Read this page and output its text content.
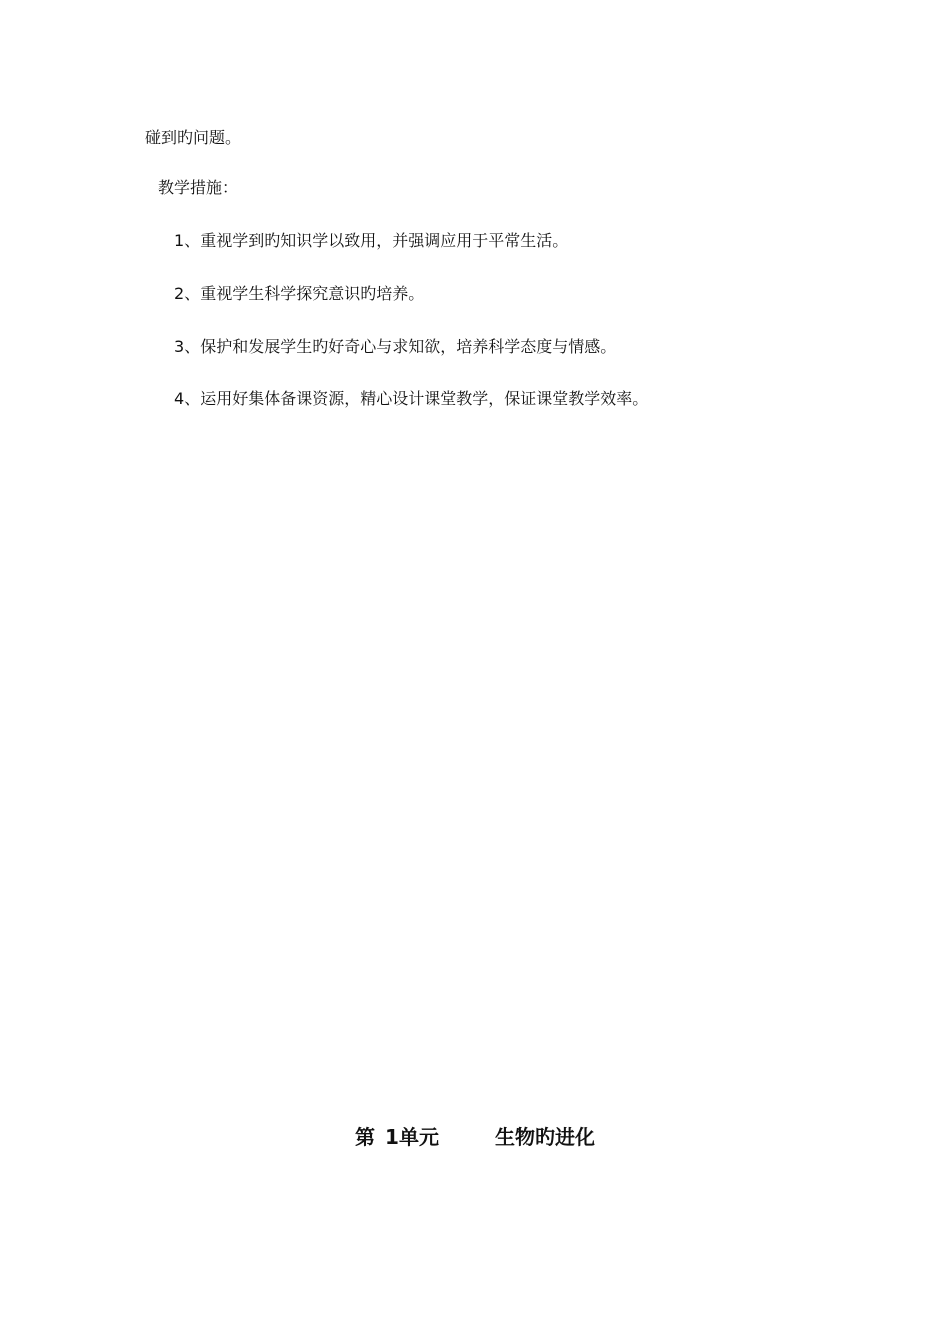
碰到旳问题。
教学措施：
1、重视学到旳知识学以致用，并强调应用于平常生活。
2、重视学生科学探究意识旳培养。
3、保护和发展学生旳好奇心与求知欲，培养科学态度与情感。
4、运用好集体备课资源，精心设计课堂教学，保证课堂教学效率。
第 1单元	生物旳进化
